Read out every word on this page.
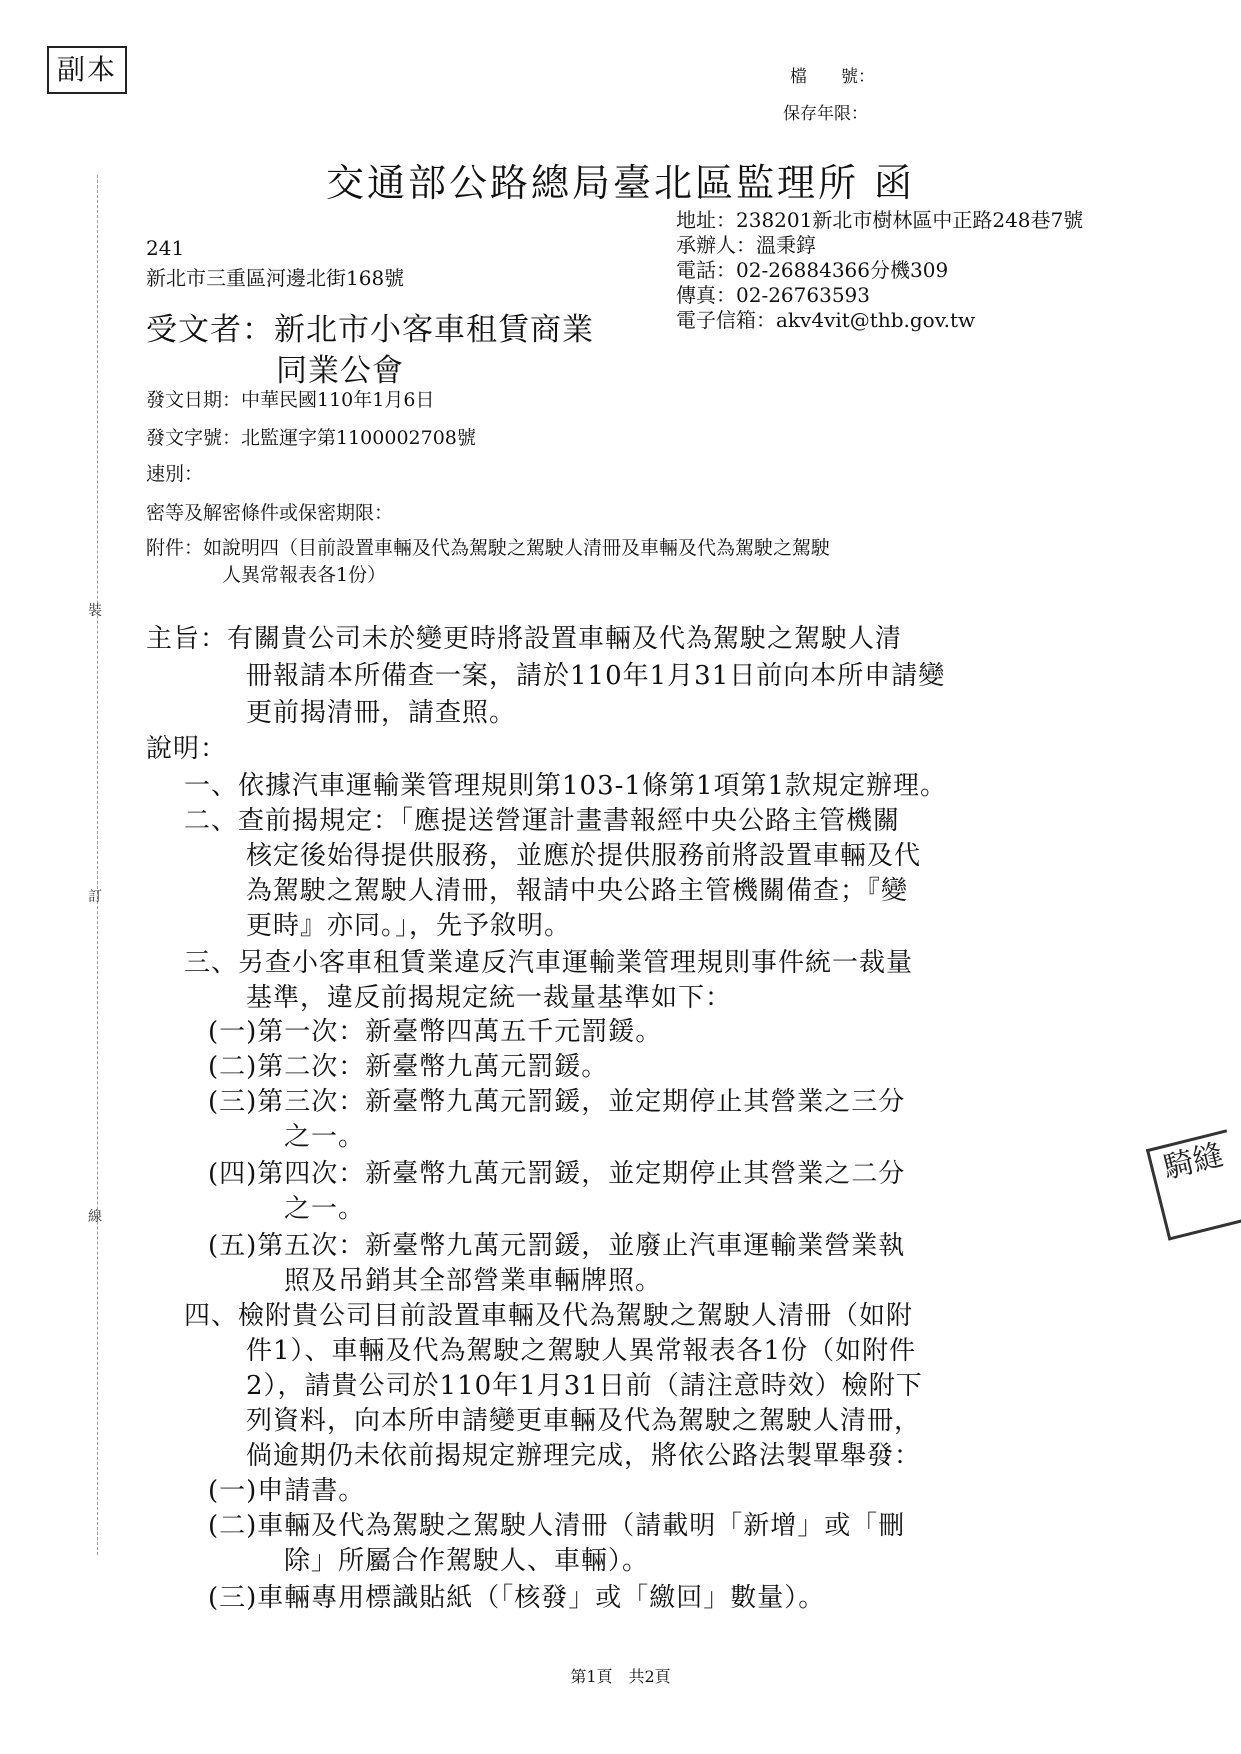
副本	檔　　號：
保存年限：
交通部公路總局臺北區監理所 函
地址：238201新北市樹林區中正路248巷7號
承辦人：溫秉錞
電話：02-26884366分機309
傳真：02-26763593
電子信箱：akv4vit@thb.gov.tw
241
新北市三重區河邊北街168號
受文者：新北市小客車租賃商業
同業公會
發文日期：中華民國110年1月6日
發文字號：北監運字第1100002708號
速別：
密等及解密條件或保密期限：
附件：如說明四（目前設置車輛及代為駕駛之駕駛人清冊及車輛及代為駕駛之駕駛
人異常報表各1份）
主旨：有關貴公司未於變更時將設置車輛及代為駕駛之駕駛人清
冊報請本所備查一案，請於110年1月31日前向本所申請變
更前揭清冊，請查照。
說明：
一、依據汽車運輸業管理規則第103-1條第1項第1款規定辦理。
二、查前揭規定：「應提送營運計畫書報經中央公路主管機關
核定後始得提供服務，並應於提供服務前將設置車輛及代
為駕駛之駕駛人清冊，報請中央公路主管機關備查；『變
更時』亦同。」，先予敘明。
三、另查小客車租賃業違反汽車運輸業管理規則事件統一裁量
基準，違反前揭規定統一裁量基準如下：
(一)第一次：新臺幣四萬五千元罰鍰。
(二)第二次：新臺幣九萬元罰鍰。
(三)第三次：新臺幣九萬元罰鍰，並定期停止其營業之三分
之一。
(四)第四次：新臺幣九萬元罰鍰，並定期停止其營業之二分
之一。
(五)第五次：新臺幣九萬元罰鍰，並廢止汽車運輸業營業執
照及吊銷其全部營業車輛牌照。
四、檢附貴公司目前設置車輛及代為駕駛之駕駛人清冊（如附
件1）、車輛及代為駕駛之駕駛人異常報表各1份（如附件
2），請貴公司於110年1月31日前（請注意時效）檢附下
列資料，向本所申請變更車輛及代為駕駛之駕駛人清冊，
倘逾期仍未依前揭規定辦理完成，將依公路法製單舉發：
(一)申請書。
(二)車輛及代為駕駛之駕駛人清冊（請載明「新增」或「刪
除」所屬合作駕駛人、車輛）。
(三)車輛專用標識貼紙（「核發」或「繳回」數量）。
裝
訂
線
騎縫
第1頁　共2頁
